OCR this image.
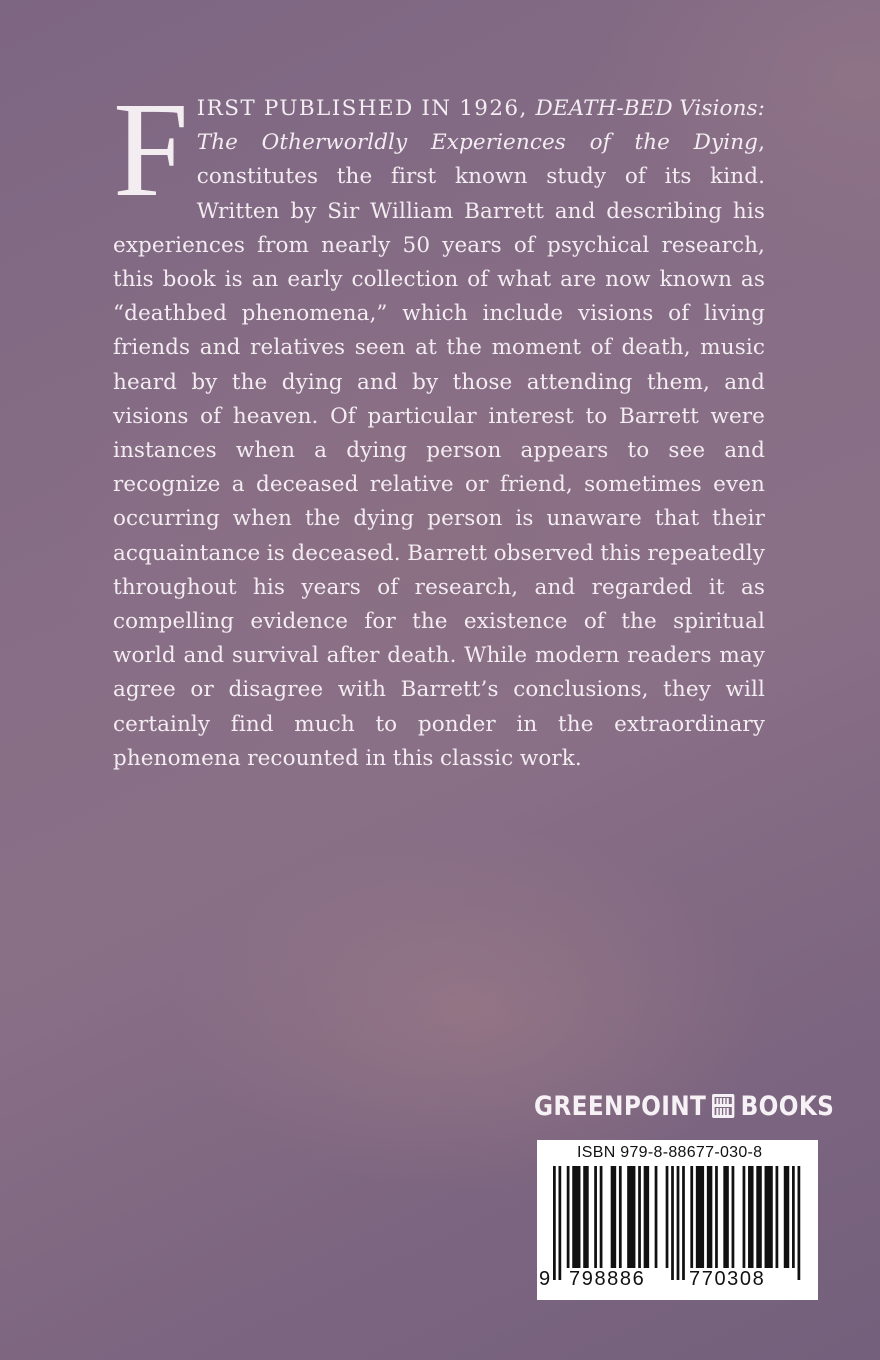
FIRST PUBLISHED IN 1926, DEATH-BED Visions: The Otherworldly Experiences of the Dying, constitutes the first known study of its kind. Written by Sir William Barrett and describing his experiences from nearly 50 years of psychical research, this book is an early collection of what are now known as “deathbed phenomena,” which include visions of living friends and relatives seen at the moment of death, music heard by the dying and by those attending them, and visions of heaven. Of particular interest to Barrett were instances when a dying person appears to see and recognize a deceased relative or friend, sometimes even occurring when the dying person is unaware that their acquaintance is deceased. Barrett observed this repeatedly throughout his years of research, and regarded it as compelling evidence for the existence of the spiritual world and survival after death. While modern readers may agree or disagree with Barrett’s conclusions, they will certainly find much to ponder in the extraordinary phenomena recounted in this classic work.
GREENPOINT BOOKS
ISBN 979-8-88677-030-8
9 798886 770308
